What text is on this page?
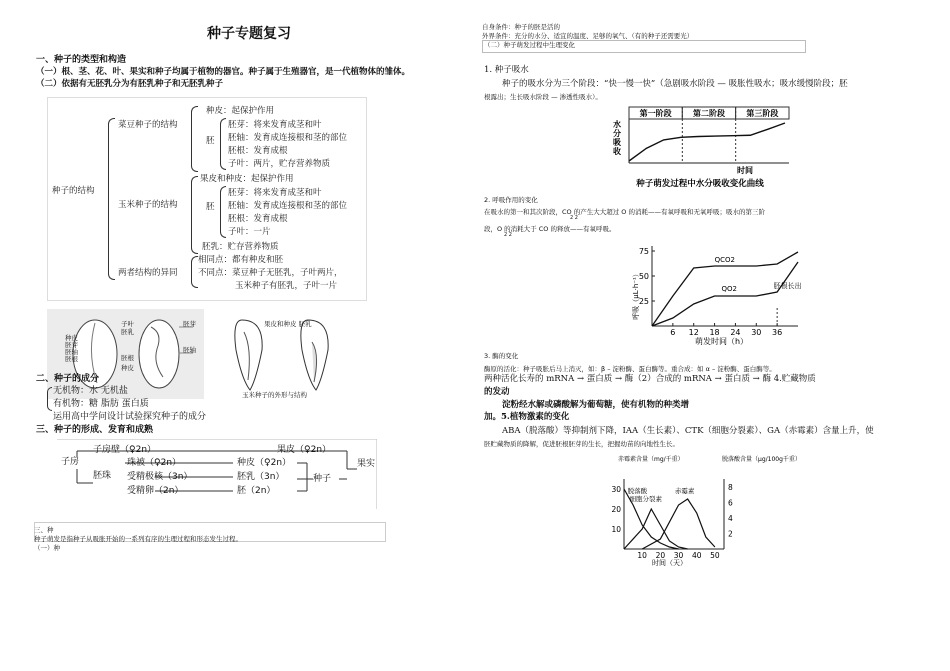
种子专题复习
一、种子的类型和构造
（一）根、茎、花、叶、果实和种子均属于植物的器官。种子属于生殖器官，是一代植物体的雏体。
（二）依据有无胚乳分为有胚乳种子和无胚乳种子
种子的结构
菜豆种子的结构
玉米种子的结构
两者结构的异同
种皮：起保护作用
胚
胚芽：将来发育成茎和叶
胚轴：发育成连接根和茎的部位
胚根：发育成根
子叶：两片，贮存营养物质
果皮和种皮：起保护作用
胚
胚芽：将来发育成茎和叶
胚轴：发育成连接根和茎的部位
胚根：发育成根
子叶：一片
胚乳：贮存营养物质
相同点：都有种皮和胚
不同点：菜豆种子无胚乳，子叶两片，
玉米种子有胚乳，子叶一片
种皮
胚芽
胚轴
胚根
子叶
胚乳
胚芽
胚轴
胚根
种皮
果皮和种皮 胚乳
玉米种子的外形与结构
二、种子的成分
无机物：水 无机盐
有机物：糖 脂肪 蛋白质
运用高中学问设计试验探究种子的成分
三、种子的形成、发育和成熟
子房
子房壁（♀2n）
胚珠
珠被（♀2n）
受精极核（3n）
受精卵（2n）
果皮（♀2n）
种皮（♀2n）
胚乳（3n）
胚（2n）
种子
果实
三、种
种子萌发是指种子从吸胀开始的一系列有序的生理过程和形态发生过程。
（一）种
自身条件：种子的胚是活的
外界条件：充分的水分、适宜的温度、足够的氧气、（有的种子还需要光）
（二）种子萌发过程中生理变化
1. 种子吸水
种子的吸水分为三个阶段：“快一慢一快”（急剧吸水阶段 — 吸胀性吸水；吸水缓慢阶段；胚
根露出；生长吸水阶段 — 渗透性吸水）。
第一阶段	第二阶段	第三阶段
水
分
吸
收
时间
种子萌发过程中水分吸收变化曲线
2. 呼吸作用的变化
在吸水的第一和其次阶段，CO 的产生大大超过 O 的消耗——有氧呼吸和无氧呼吸；吸水的第三阶
2 2
段，O 的消耗大于 CO 的释放——有氧呼吸。
2 2
6 12 18 24 30 36
25
50
75
QCO2
QO2	胚根长出
萌发时间（h）
呼吸（μL·h⁻¹）
3. 酶的变化
酶原的活化：种子吸胀后马上消灭，如：β – 淀粉酶、蛋白酶等。重合成：如 α – 淀粉酶、蛋白酶等。
两种活化长寿的 mRNA → 蛋白质 → 酶（2）合成的 mRNA → 蛋白质 → 酶 4.贮藏物质
的发动
淀粉经水解或磷酸解为葡萄糖，使有机物的种类增
加。5.植物激素的变化
ABA（脱落酸）等抑制剂下降，IAA（生长素）、CTK（细胞分裂素）、GA（赤霉素）含量上升，使
胚贮藏物质的降解，促进胚根胚芽的生长，把握幼苗的向地性生长。
10 20 30 40 50
10
20
30
2
4
6
8
脱落酸
细胞分裂素
赤霉素
赤霉素含量（mg/千重）	脱落酸含量（μg/100g千重）
时间（天）
